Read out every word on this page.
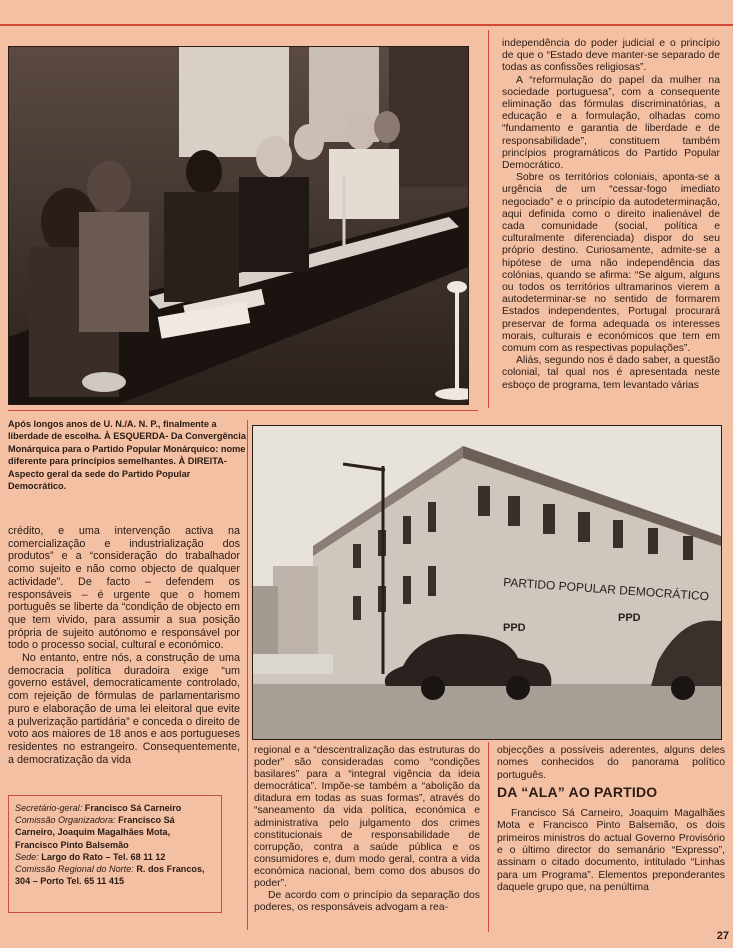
independência do poder judicial e o princípio de que o “Estado deve manter-se separado de todas as confissões religiosas”.

A “reformulação do papel da mulher na sociedade portuguesa”, com a consequente eliminação das fórmulas discriminatórias, a educação e a formulação, olhadas como “fundamento e garantia de liberdade e de responsabilidade”, constituem também princípios programáticos do Partido Popular Democrático.

Sobre os territórios coloniais, aponta-se a urgência de um “cessar-fogo imediato negociado” e o princípio da autodeterminação, aqui definida como o direito inalienável de cada comunidade (social, política e culturalmente diferenciada) dispor do seu próprio destino. Curiosamente, admite-se a hipótese de uma não independência das colónias, quando se afirma: “Se algum, alguns ou todos os territórios ultramarinos vierem a autodeterminar-se no sentido de formarem Estados independentes, Portugal procurará preservar de forma adequada os interesses morais, culturais e económicos que tem em comum com as respectivas populações”.

Aliás, segundo nos é dado saber, a questão colonial, tal qual nos é apresentada neste esboço de programa, tem levantado várias

Após longos anos de U. N./A. N. P., finalmente a liberdade de escolha. À ESQUERDA- Da Convergência Monárquica para o Partido Popular Monárquico: nome diferente para princípios semelhantes. À DIREITA- Aspecto geral da sede do Partido Popular Democrático.
PARTIDO POPULAR DEMOCRÁTICO
PPD
PPD

crédito, e uma intervenção activa na comercialização e industrialização dos produtos” e a “consideração do trabalhador como sujeito e não como objecto de qualquer actividade”. De facto – defendem os responsáveis – é urgente que o homem português se liberte da “condição de objecto em que tem vivido, para assumir a sua posição própria de sujeito autónomo e responsável por todo o processo social, cultural e económico.

No entanto, entre nós, a construção de uma democracia política duradoira exige “um governo estável, democraticamente controlado, com rejeição de fórmulas de parlamentarismo puro e elaboração de uma lei eleitoral que evite a pulverização partidária” e conceda o direito de voto aos maiores de 18 anos e aos portugueses residentes no estrangeiro. Consequentemente, a democratização da vida

Secretário-geral: Francisco Sá Carneiro
Comissão Organizadora: Francisco Sá Carneiro, Joaquim Magalhães Mota, Francisco Pinto Balsemão
Sede: Largo do Rato – Tel. 68 11 12
Comissão Regional do Norte: R. dos Francos, 304 – Porto Tel. 65 11 415

regional e a “descentralização das estruturas do poder” são consideradas como “condições basilares” para a “integral vigência da ideia democrática”. Impõe-se também a “abolição da ditadura em todas as suas formas”, através do “saneamento da vida política, económica e administrativa pelo julgamento dos crimes constitucionais de responsabilidade de corrupção, contra a saúde pública e os consumidores e, dum modo geral, contra a vida económica nacional, bem como dos abusos do poder”.

De acordo com o princípio da separação dos poderes, os responsáveis advogam a rea-

objecções a possíveis aderentes, alguns deles nomes conhecidos do panorama político português.

DA “ALA” AO PARTIDO

Francisco Sá Carneiro, Joaquim Magalhães Mota e Francisco Pinto Balsemão, os dois primeiros ministros do actual Governo Provisório e o último director do semanário “Expresso”, assinam o citado documento, intitulado “Linhas para um Programa”. Elementos preponderantes daquele grupo que, na penúltima

27
